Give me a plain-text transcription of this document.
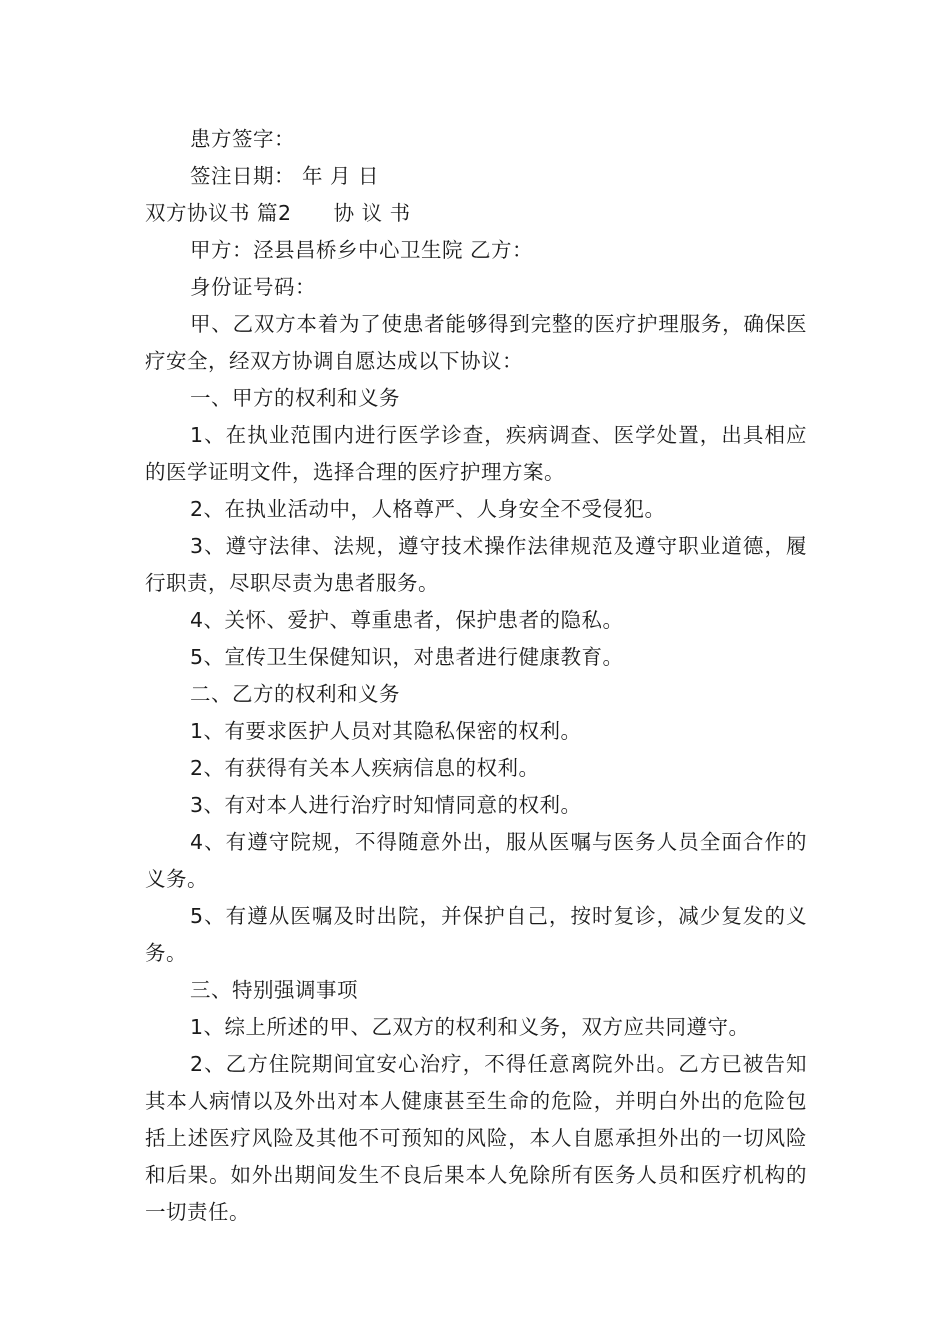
患方签字：
签注日期： 年 月 日
双方协议书 篇2 协 议 书
甲方：泾县昌桥乡中心卫生院 乙方：
身份证号码：
甲、乙双方本着为了使患者能够得到完整的医疗护理服务，确保医疗安全，经双方协调自愿达成以下协议：
一、甲方的权利和义务
1、在执业范围内进行医学诊查，疾病调查、医学处置，出具相应的医学证明文件，选择合理的医疗护理方案。
2、在执业活动中，人格尊严、人身安全不受侵犯。
3、遵守法律、法规，遵守技术操作法律规范及遵守职业道德，履行职责，尽职尽责为患者服务。
4、关怀、爱护、尊重患者，保护患者的隐私。
5、宣传卫生保健知识，对患者进行健康教育。
二、乙方的权利和义务
1、有要求医护人员对其隐私保密的权利。
2、有获得有关本人疾病信息的权利。
3、有对本人进行治疗时知情同意的权利。
4、有遵守院规，不得随意外出，服从医嘱与医务人员全面合作的义务。
5、有遵从医嘱及时出院，并保护自己，按时复诊，减少复发的义务。
三、特别强调事项
1、综上所述的甲、乙双方的权利和义务，双方应共同遵守。
2、乙方住院期间宜安心治疗，不得任意离院外出。乙方已被告知其本人病情以及外出对本人健康甚至生命的危险，并明白外出的危险包括上述医疗风险及其他不可预知的风险，本人自愿承担外出的一切风险和后果。如外出期间发生不良后果本人免除所有医务人员和医疗机构的一切责任。
